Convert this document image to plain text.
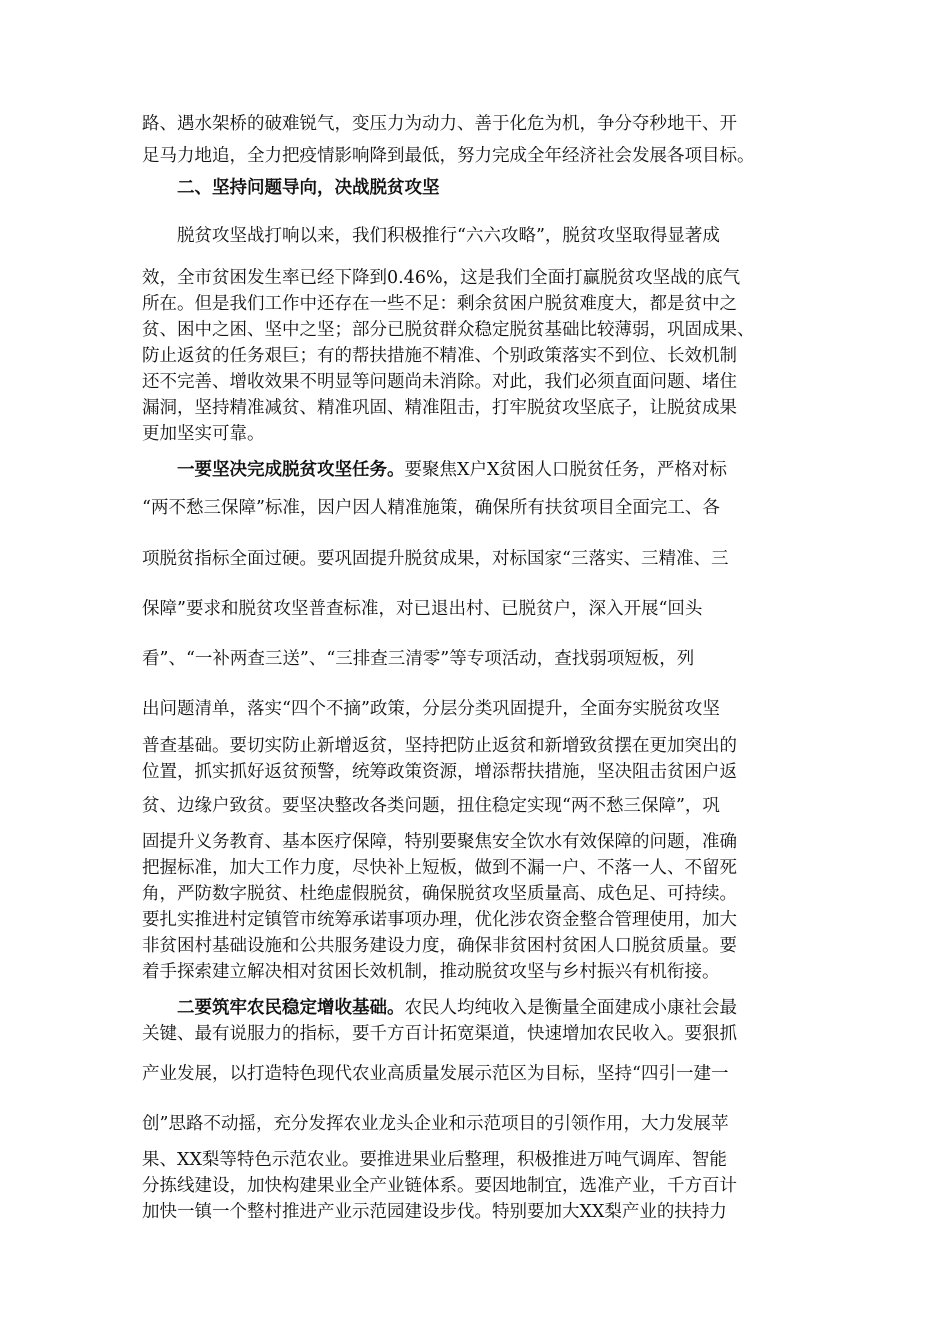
路、遇水架桥的破难锐气，变压力为动力、善于化危为机，争分夺秒地干、开
足马力地追，全力把疫情影响降到最低，努力完成全年经济社会发展各项目标。
二、坚持问题导向，决战脱贫攻坚
脱贫攻坚战打响以来，我们积极推行“六六攻略”，脱贫攻坚取得显著成
效，全市贫困发生率已经下降到0.46%，这是我们全面打赢脱贫攻坚战的底气
所在。但是我们工作中还存在一些不足：剩余贫困户脱贫难度大，都是贫中之
贫、困中之困、坚中之坚；部分已脱贫群众稳定脱贫基础比较薄弱，巩固成果、
防止返贫的任务艰巨；有的帮扶措施不精准、个别政策落实不到位、长效机制
还不完善、增收效果不明显等问题尚未消除。对此，我们必须直面问题、堵住
漏洞，坚持精准减贫、精准巩固、精准阻击，打牢脱贫攻坚底子，让脱贫成果
更加坚实可靠。
一要坚决完成脱贫攻坚任务。要聚焦X户X贫困人口脱贫任务，严格对标
“两不愁三保障”标准，因户因人精准施策，确保所有扶贫项目全面完工、各
项脱贫指标全面过硬。要巩固提升脱贫成果，对标国家“三落实、三精准、三
保障”要求和脱贫攻坚普查标准，对已退出村、已脱贫户，深入开展“回头
看”、“一补两查三送”、“三排查三清零”等专项活动，查找弱项短板，列
出问题清单，落实“四个不摘”政策，分层分类巩固提升，全面夯实脱贫攻坚
普查基础。要切实防止新增返贫，坚持把防止返贫和新增致贫摆在更加突出的
位置，抓实抓好返贫预警，统筹政策资源，增添帮扶措施，坚决阻击贫困户返
贫、边缘户致贫。要坚决整改各类问题，扭住稳定实现“两不愁三保障”，巩
固提升义务教育、基本医疗保障，特别要聚焦安全饮水有效保障的问题，准确
把握标准，加大工作力度，尽快补上短板，做到不漏一户、不落一人、不留死
角，严防数字脱贫、杜绝虚假脱贫，确保脱贫攻坚质量高、成色足、可持续。
要扎实推进村定镇管市统筹承诺事项办理，优化涉农资金整合管理使用，加大
非贫困村基础设施和公共服务建设力度，确保非贫困村贫困人口脱贫质量。要
着手探索建立解决相对贫困长效机制，推动脱贫攻坚与乡村振兴有机衔接。
二要筑牢农民稳定增收基础。农民人均纯收入是衡量全面建成小康社会最
关键、最有说服力的指标，要千方百计拓宽渠道，快速增加农民收入。要狠抓
产业发展，以打造特色现代农业高质量发展示范区为目标，坚持“四引一建一
创”思路不动摇，充分发挥农业龙头企业和示范项目的引领作用，大力发展苹
果、XX梨等特色示范农业。要推进果业后整理，积极推进万吨气调库、智能
分拣线建设，加快构建果业全产业链体系。要因地制宜，选准产业，千方百计
加快一镇一个整村推进产业示范园建设步伐。特别要加大XX梨产业的扶持力
